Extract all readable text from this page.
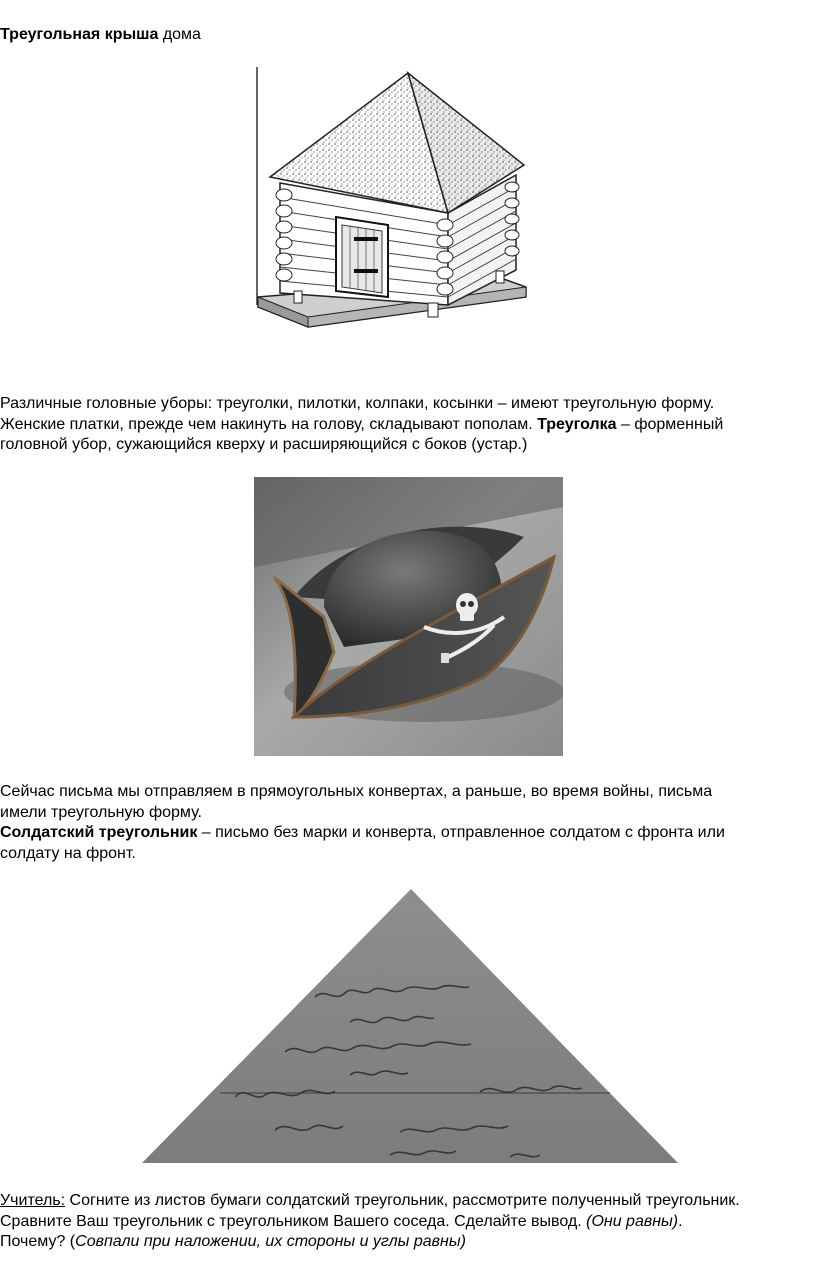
Треугольная крыша дома

Различные головные уборы: треуголки, пилотки, колпаки, косынки – имеют треугольную форму.

Женские платки, прежде чем накинуть на голову, складывают пополам. Треуголка – форменный

головной убор, сужающийся кверху и расширяющийся с боков (устар.)

Сейчас письма мы отправляем в прямоугольных конвертах, а раньше, во время войны, письма

имели треугольную форму.

Солдатский треугольник – письмо без марки и конверта, отправленное солдатом с фронта или

солдату на фронт.

Учитель: Согните из листов бумаги солдатский треугольник, рассмотрите полученный треугольник.

Сравните Ваш треугольник с треугольником Вашего соседа. Сделайте вывод. (Они равны).

Почему? (Совпали при наложении, их стороны и углы равны)
